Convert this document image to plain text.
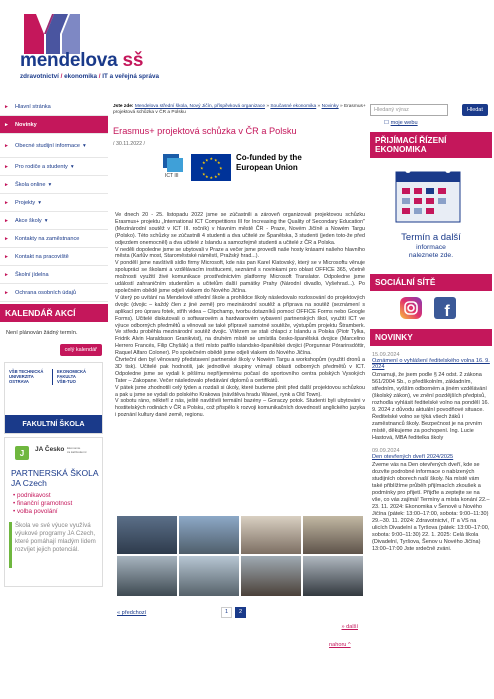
mendelova sš
zdravotnictví / ekonomika / IT a veřejná správa
► Hlavní stránka
► Novinky
► Obecné studijní informace ▾
► Pro rodiče a studenty ▾
► Škola online ▾
► Projekty ▾
► Akce školy ▾
► Kontakty na zaměstnance
► Kontakt na pracoviště
► Školní jídelna
► Ochrana osobních údajů
KALENDÁŘ AKCÍ
Není plánován žádný termín.
celý kalendář
VŠB TECHNICKÁ
UNIVERZITA
OSTRAVA
EKONOMICKÁ
FAKULTA
VŠB-TUO
FAKULTNÍ ŠKOLA
J JA Česko Ekonomie
za každodenní
PARTNERSKÁ ŠKOLA JA Czech
• podnikavost
• finanční gramotnost
• volba povolání
Škola ve své výuce využívá výukové programy JA Czech, které pomáhají mladým lidem rozvíjet jejich potenciál.
Jste zde: Mendelova střední škola, Nový Jičín, příspěvková organizace » Současné ekonomika » Novinky » Erasmus+ projektová schůzka v ČR a Polsku
Erasmus+ projektová schůzka v ČR a Polsku
/ 30.11.2022 /
ICT III
★
★
★	★
★	★
★	★
★ ★
★ ★
Co-funded by the European Union

Ve dnech 20 - 25. listopadu 2022 jsme se zúčastnili a zároveň organizovali projektovou schůzku Erasmus+ projektu „International ICT Competitions III for Increasing the Quality of Secondary Education" (Mezinárodní soutěž v ICT III. ročník) v hlavním městě ČR - Praze, Novém Jičíně a Nowém Targu (Polsko). Této schůzky se zúčastnili 4 studenti a dva učitelé ze Španělska, 3 studenti (jeden toto-že před odjezdem onemocněl) a dva učitelé z Islandu a samozřejmě studenti a učitelé z ČR a Polska.

V neděli dopoledne jsme se ubytovali v Praze a večer jsme provedli naše hosty krásami našeho hlavního města (Karlův most, Staroměstské náměstí, Pražský hrad...).

V pondělí jsme navštívili sídlo firmy Microsoft, kde nás pan Karel Klatovský, který se v Microsoftu věnuje spolupráci se školami a vzdělávacím institucemi, seznámil s novinkami pro oblast OFFICE 365, včetně možnosti využití živé komunikace prostřednictvím platformy Microsoft Translator. Odpoledne jsme událostí zahraničním studentům a učitelům další památky Prahy (Národní divadlo, Vyšehrad...). Po společném obědě jsme odjeli vlakem do Nového Jičína.

V úterý po uvítání na Mendelově střední škole a prohlídce školy následovalo rozlosování do projektových dvojic (dvojic – každý člen z jiné země) pro mezinárodní soutěž a příprava na soutěž (seznámení s aplikací pro úpravu fotek, střih videa – Clipchamp, tvorbu dotazníků pomocí OFFICE Forms nebo Google Forms). Učitelé diskutovali o softwarovém a hardwarovém vybavení partnerských škol, využití ICT ve výuce odborných předmětů a věnovali se také přípravě samotné soutěže, výstupům projektu Štramberk. Ve středu proběhla mezinárodní soutěž dvojic. Vítězem se stali chlapci z Islandu a Polska (Piotr Tylka, Fridrik Alvin Haraldsson Granikvist), na druhém místě se umístila česko-španělská dvojice (Marcelino Herrero Francés, Filip Chyšák) a třetí místo patřilo islandsko-španělské dvojici (Porgunnar Pórarinsdóttir, Raquel Alfaro Coloner). Po společném obědě jsme odjeli vlakem do Nového Jičína.

Čtvrteční den byl věnovaný představení partnerské školy v Nowém Targu a workshopům (využití dronů a 3D tisk). Učitelé pak hodnotili, jak jednotlivé skupiny vnímají oblasti odborných předmětů v ICT. Odpoledne jsme se vydali k pěšímu nepříjemnému počasí do sportovního centra polských Vysokých Tater – Zakopane. Večer následovalo předávání diplomů a certifikátů.

V pátek jsme zhodnotili celý týden a rozdali si úkoly, které budeme plnit před další projektovou schůzkou a pak u jsme se vydali do polského Krakowa (návštěva hradu Wawel, rynk a Old Town).

V sobotu ráno, někteří z nás, ještě navštívili termální bazény – Goraczy potok. Studenti byli ubytováni v hostitelských rodinách v ČR a Polsku, což přispělo k rozvoji komunikačních dovedností anglického jazyka i poznání kultury dané země, regionu.

« předchozí	1	2
» další
nahoru ^
Hledaný výraz	Hledat
☐ moje webu
PŘIJÍMACÍ ŘÍZENÍ EKONOMIKA
Termín a další
informace
naleznete zde.
SOCIÁLNÍ SÍTĚ
f
NOVINKY
15.09.2024
Oznámení o vyhlášení ředitelského volna 16. 9. 2024
Oznamuji, že jsem podle § 24 odst. 2 zákona 561/2004 Sb., o předškolním, základním, středním, vyšším odborném a jiném vzdělávání (školský zákon), ve znění pozdějších předpisů, rozhodla vyhlásit ředitelské volno na pondělí 16. 9. 2024 z důvodu aktuální povodňové situace. Ředitelské volno se týká všech žáků i zaměstnanců školy. Bezpečnost je na prvním místě, děkujeme za pochopení. Ing. Lucie Hastová, MBA ředitelka školy
09.09.2024
Den otevřených dveří 2024/2025
Zveme vás na Den otevřených dveří, kde se dozvíte podrobné informace o nabízených studijních oborech naší školy. Na místě vám také přiblížíme průběh přijímacích zkoušek a podmínky pro přijetí. Přijďte a zeptejte se na vše, co vás zajímá! Termíny a místa konání 22.–23. 11. 2024: Ekonomika v Šenově u Nového Jičína (pátek: 13:00–17:00, sobota: 9:00–11:30) 29.–30. 11. 2024: Zdravotnictví, IT a VS na ulicích Divadelní a Tyršova (pátek: 13:00–17:00, sobota: 9:00–11:30) 22. 1. 2025: Celá škola (Divadelní, Tyršova, Šenov u Nového Jičína) 13:00–17:00 Jste srdečně zváni.
